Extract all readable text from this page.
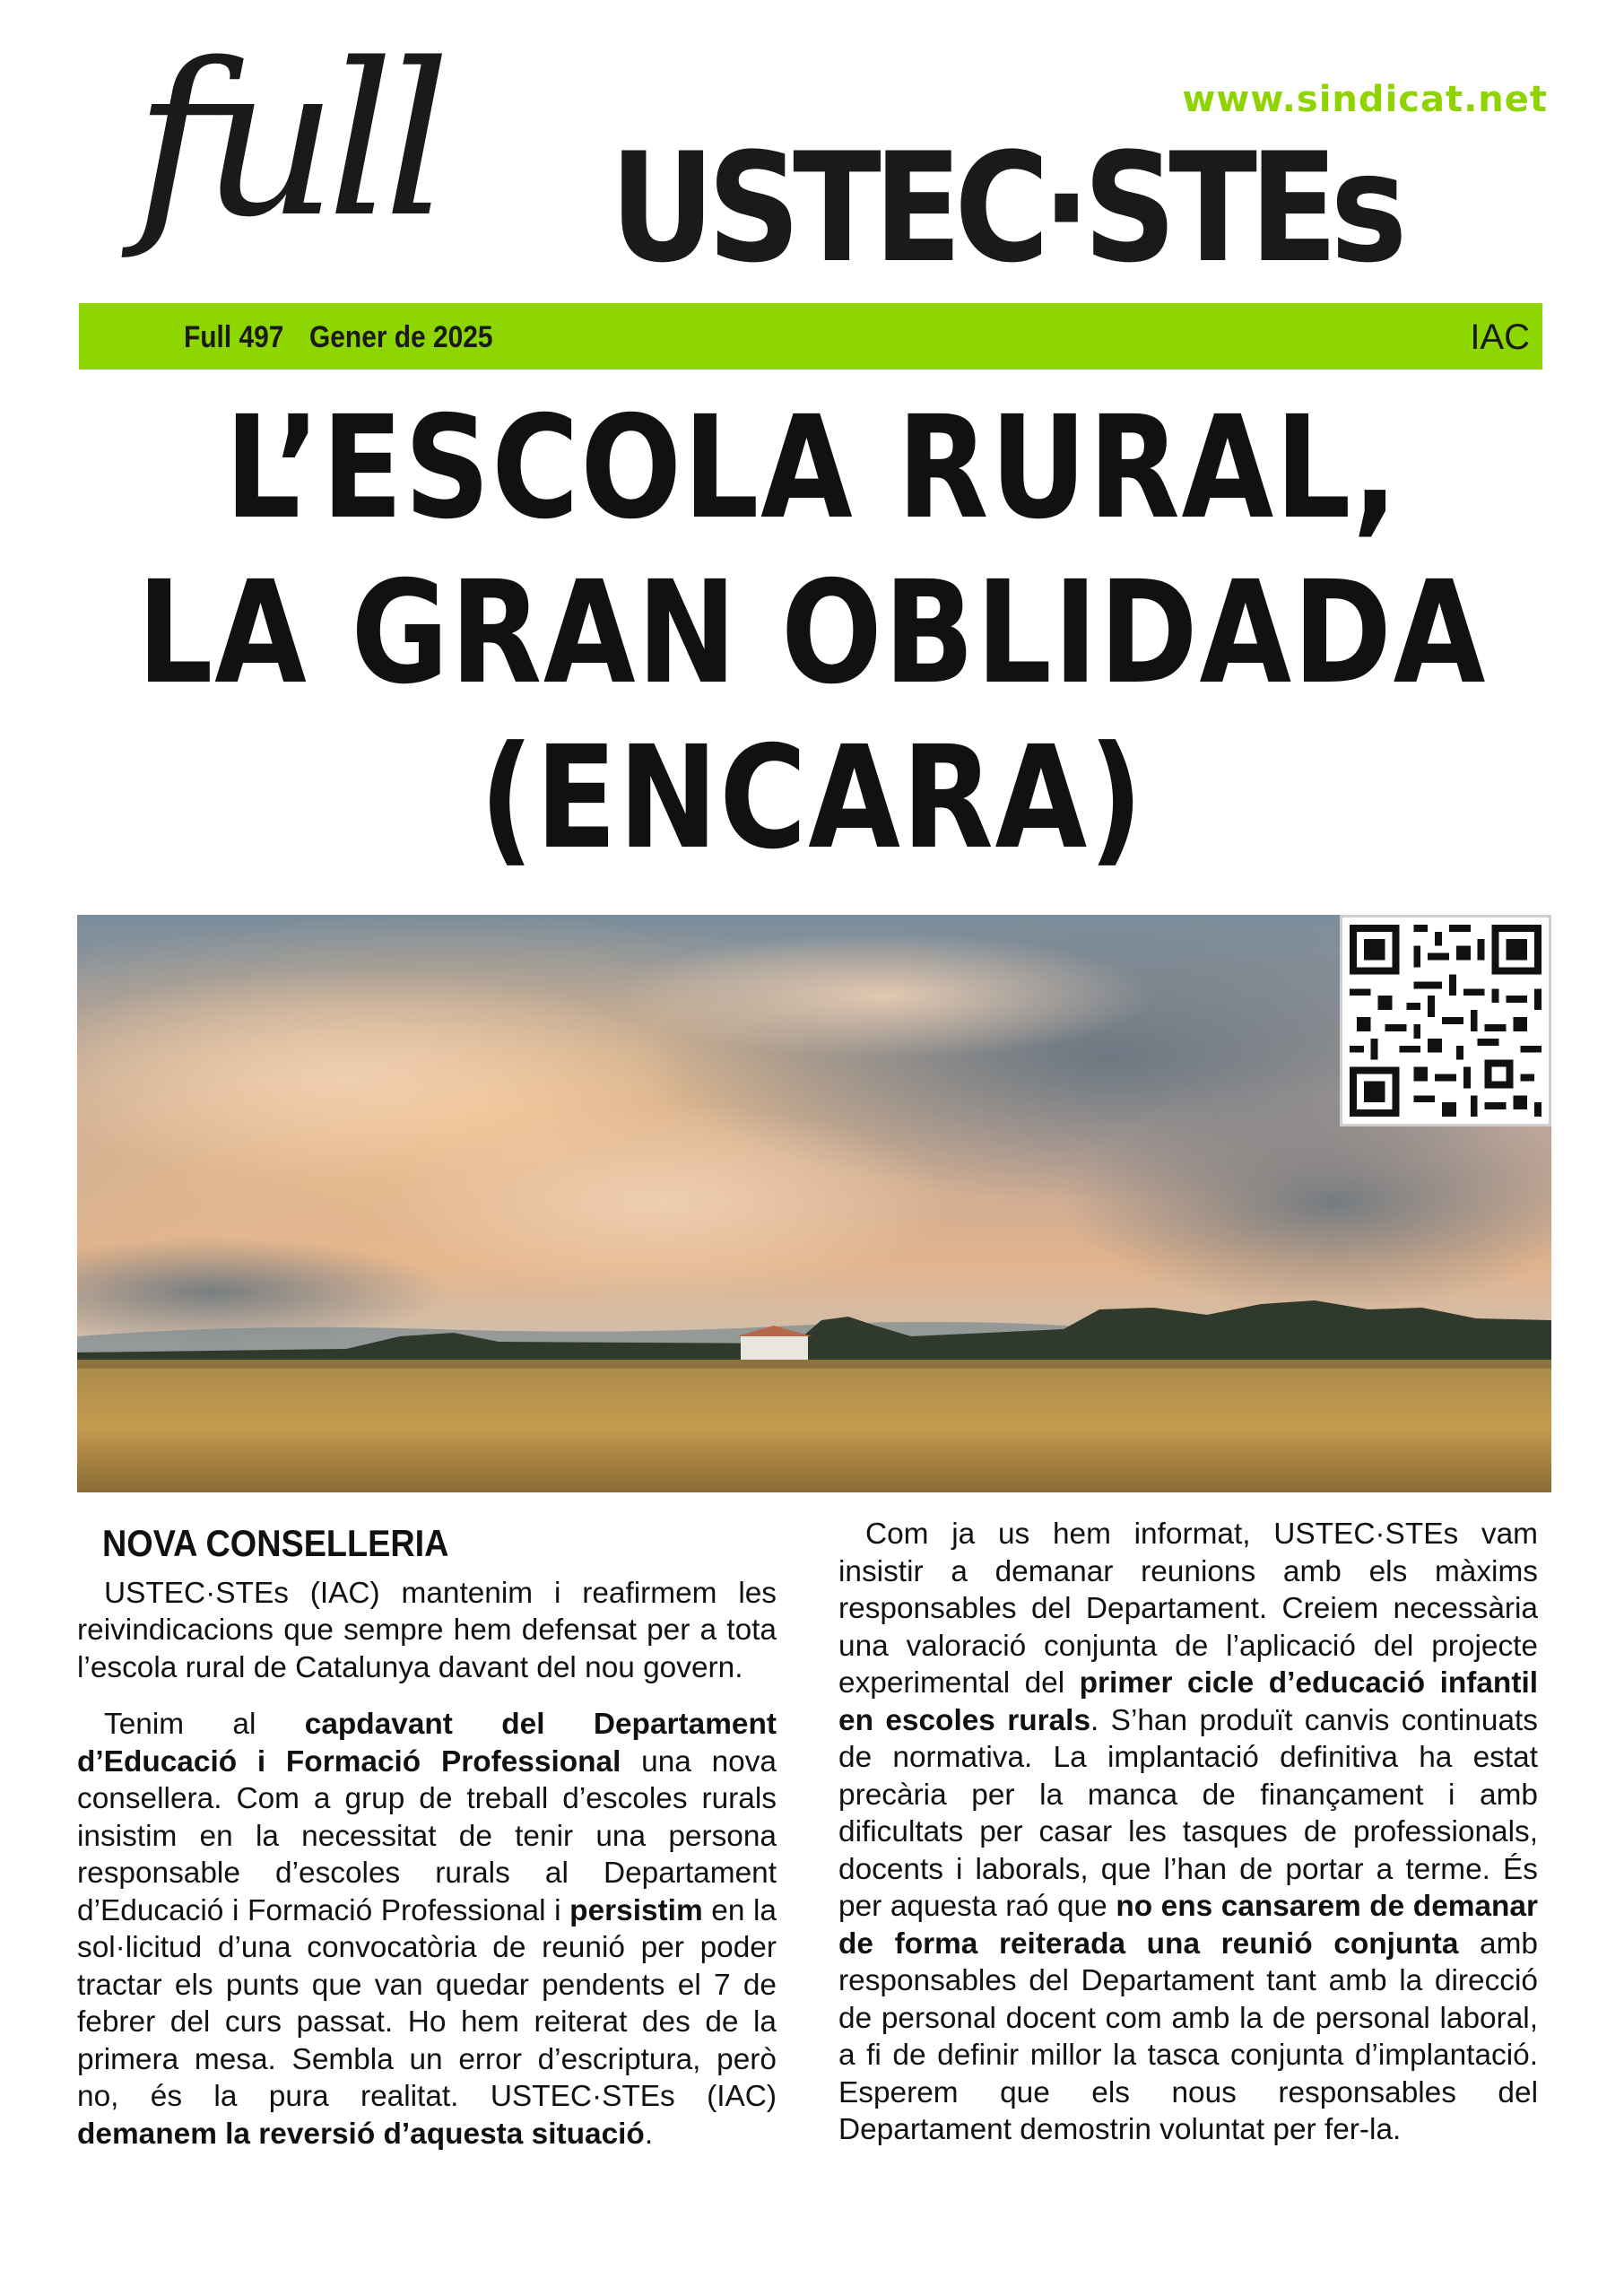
full	www.sindicat.net
USTEC·STEs
Full 497 Gener de 2025	IAC
L’ESCOLA RURAL,
LA GRAN OBLIDADA
(ENCARA)
NOVA CONSELLERIA

USTEC·STEs (IAC) mantenim i reafirmem les reivindicacions que sempre hem defensat per a tota l’escola rural de Catalunya davant del nou govern.

Tenim al capdavant del Departament d’Educació i Formació Professional una nova consellera. Com a grup de treball d’escoles rurals insistim en la necessitat de tenir una persona responsable d’escoles rurals al Departament d’Educació i Formació Professional i persistim en la sol·licitud d’una convocatòria de reunió per poder tractar els punts que van quedar pendents el 7 de febrer del curs passat. Ho hem reiterat des de la primera mesa. Sembla un error d’escriptura, però no, és la pura realitat. USTEC·STEs (IAC) demanem la reversió d’aquesta situació.

Com ja us hem informat, USTEC·STEs vam insistir a demanar reunions amb els màxims responsables del Departament. Creiem necessària una valoració conjunta de l’aplicació del projecte experimental del primer cicle d’educació infantil en escoles rurals. S’han produït canvis continuats de normativa. La implantació definitiva ha estat precària per la manca de finançament i amb dificultats per casar les tasques de professionals, docents i laborals, que l’han de portar a terme. És per aquesta raó que no ens cansarem de demanar de forma reiterada una reunió conjunta amb responsables del Departament tant amb la direcció de personal docent com amb la de personal laboral, a fi de definir millor la tasca conjunta d’implantació. Esperem que els nous responsables del Departament demostrin voluntat per fer-la.
